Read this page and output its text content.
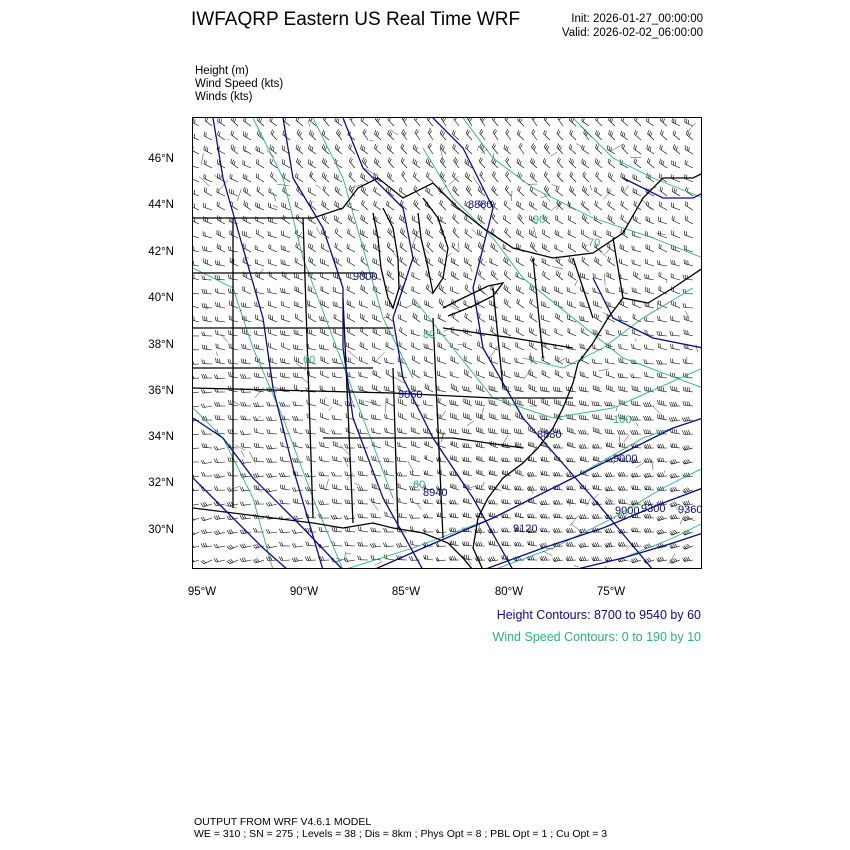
IWFAQRP Eastern US Real Time WRF	Init: 2026-01-27_00:00:00
Valid: 2026-02-02_06:00:00
Height (m)
Wind Speed (kts)
Winds (kts)
8880
9000
9060
8880
8940
9000
9000
9120
9300 9360
60
80
90
70
60
100
46°N
44°N
42°N
40°N
38°N
36°N
34°N
32°N
30°N
95°W	90°W	85°W	80°W	75°W
Height Contours: 8700 to 9540 by 60
Wind Speed Contours: 0 to 190 by 10
OUTPUT FROM WRF V4.6.1 MODEL
WE = 310 ; SN = 275 ; Levels = 38 ; Dis = 8km ; Phys Opt = 8 ; PBL Opt = 1 ; Cu Opt = 3
